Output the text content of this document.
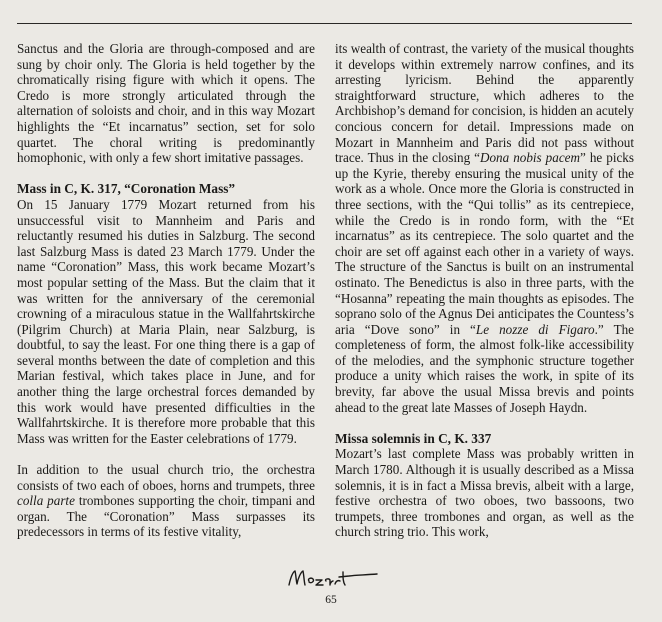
Sanctus and the Gloria are through-composed and are sung by choir only. The Gloria is held together by the chromatically rising figure with which it opens. The Credo is more strongly articulated through the alternation of soloists and choir, and in this way Mozart highlights the “Et incarnatus” section, set for solo quartet. The choral writing is predominantly homophonic, with only a few short imitative passages.

Mass in C, K. 317, “Coronation Mass”

On 15 January 1779 Mozart returned from his unsuccessful visit to Mannheim and Paris and reluctantly resumed his duties in Salzburg. The second last Salzburg Mass is dated 23 March 1779. Under the name “Coronation” Mass, this work became Mozart’s most popular setting of the Mass. But the claim that it was written for the anniversary of the ceremonial crowning of a miraculous statue in the Wallfahrtskirche (Pilgrim Church) at Maria Plain, near Salzburg, is doubtful, to say the least. For one thing there is a gap of several months between the date of completion and this Marian festival, which takes place in June, and for another thing the large orchestral forces demanded by this work would have presented difficulties in the Wallfahrtskirche. It is therefore more probable that this Mass was written for the Easter celebrations of 1779.

In addition to the usual church trio, the orchestra consists of two each of oboes, horns and trumpets, three colla parte trombones supporting the choir, timpani and organ. The “Coronation” Mass surpasses its predecessors in terms of its festive vitality,

its wealth of contrast, the variety of the musical thoughts it develops within extremely narrow confines, and its arresting lyricism. Behind the apparently straightforward structure, which adheres to the Archbishop’s demand for concision, is hidden an acutely concious concern for detail. Impressions made on Mozart in Mannheim and Paris did not pass without trace. Thus in the closing “Dona nobis pacem” he picks up the Kyrie, thereby ensuring the musical unity of the work as a whole. Once more the Gloria is constructed in three sections, with the “Qui tollis” as its centrepiece, while the Credo is in rondo form, with the “Et incarnatus” as its centrepiece. The solo quartet and the choir are set off against each other in a variety of ways. The structure of the Sanctus is built on an instrumental ostinato. The Benedictus is also in three parts, with the “Hosanna” repeating the main thoughts as episodes. The soprano solo of the Agnus Dei anticipates the Countess’s aria “Dove sono” in “Le nozze di Figaro.” The completeness of form, the almost folk-like accessibility of the melodies, and the symphonic structure together produce a unity which raises the work, in spite of its brevity, far above the usual Missa brevis and points ahead to the great late Masses of Joseph Haydn.

Missa solemnis in C, K. 337

Mozart’s last complete Mass was probably written in March 1780. Although it is usually described as a Missa solemnis, it is in fact a Missa brevis, albeit with a large, festive orchestra of two oboes, two bassoons, two trumpets, three trombones and organ, as well as the church string trio. This work,

65
